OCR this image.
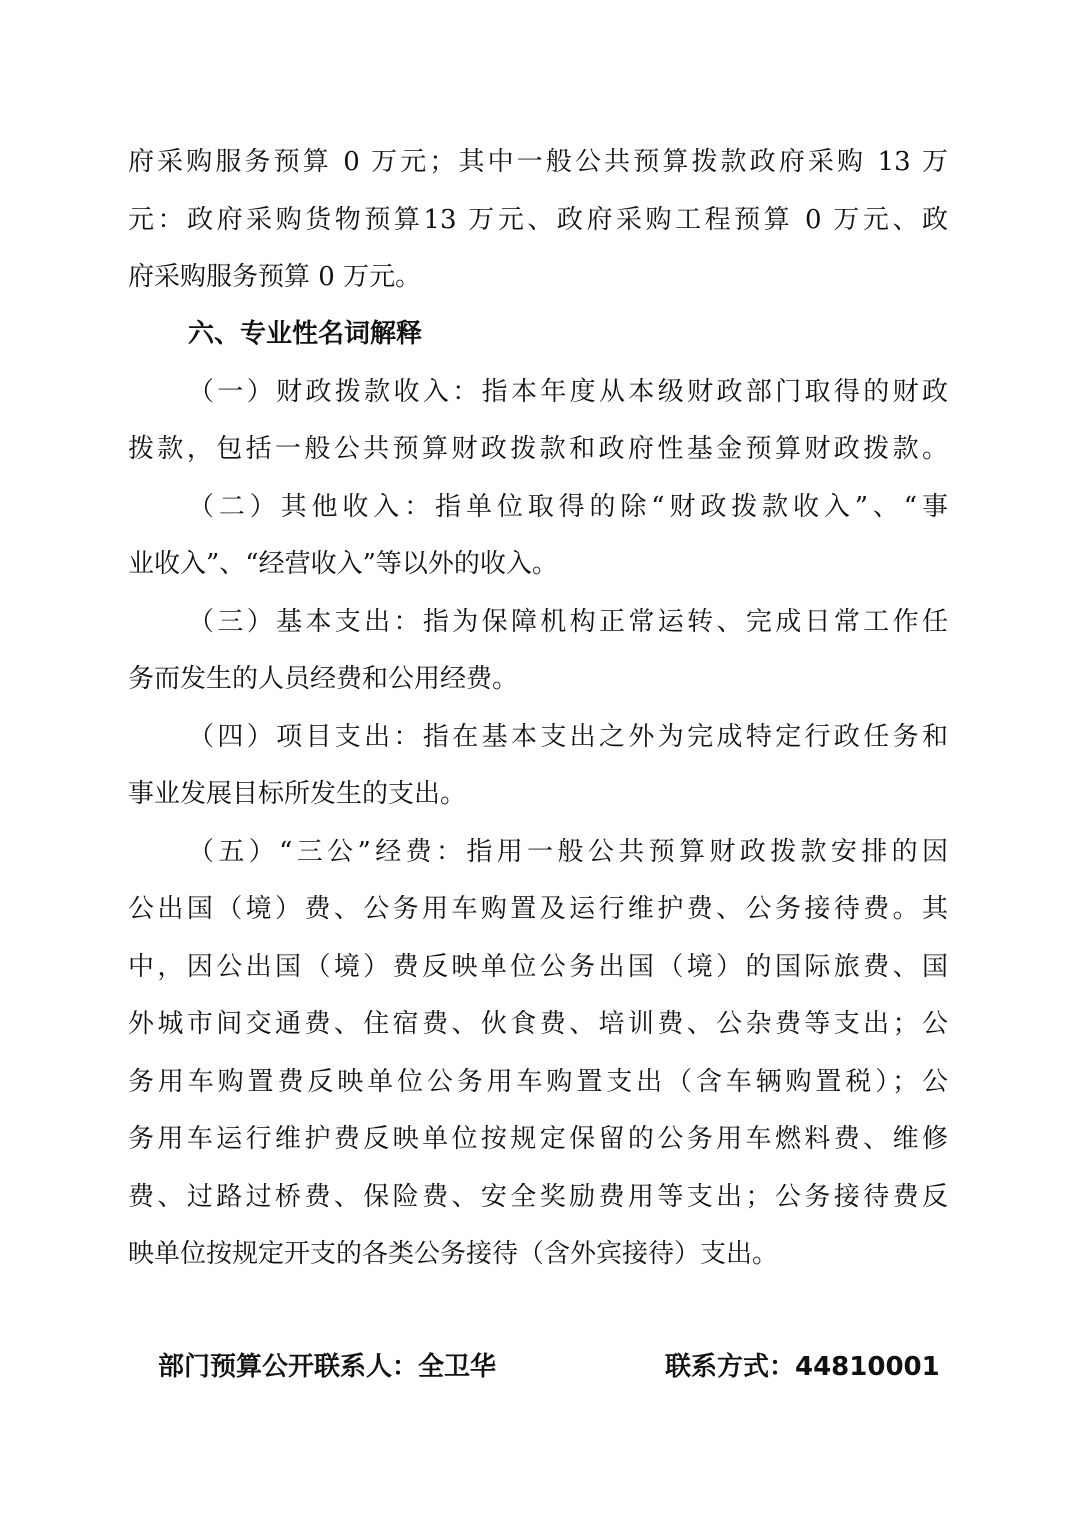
府采购服务预算 0 万元；其中一般公共预算拨款政府采购 13 万
元：政府采购货物预算13 万元、政府采购工程预算 0 万元、政
府采购服务预算 0 万元。
六、专业性名词解释
（一）财政拨款收入：指本年度从本级财政部门取得的财政
拨款，包括一般公共预算财政拨款和政府性基金预算财政拨款。
（二）其他收入：指单位取得的除“财政拨款收入”、“事
业收入”、“经营收入”等以外的收入。
（三）基本支出：指为保障机构正常运转、完成日常工作任
务而发生的人员经费和公用经费。
（四）项目支出：指在基本支出之外为完成特定行政任务和
事业发展目标所发生的支出。
（五）“三公”经费：指用一般公共预算财政拨款安排的因
公出国（境）费、公务用车购置及运行维护费、公务接待费。其
中，因公出国（境）费反映单位公务出国（境）的国际旅费、国
外城市间交通费、住宿费、伙食费、培训费、公杂费等支出；公
务用车购置费反映单位公务用车购置支出（含车辆购置税）；公
务用车运行维护费反映单位按规定保留的公务用车燃料费、维修
费、过路过桥费、保险费、安全奖励费用等支出；公务接待费反
映单位按规定开支的各类公务接待（含外宾接待）支出。
部门预算公开联系人：全卫华	联系方式：44810001
